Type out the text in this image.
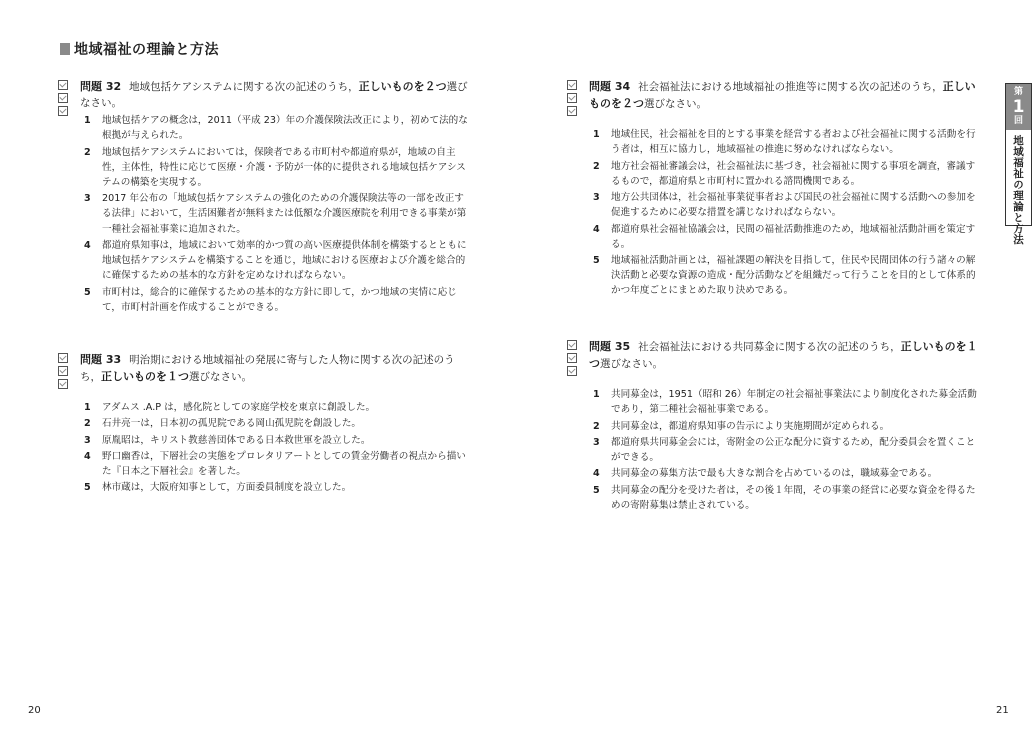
地域福祉の理論と方法
問題 32 地域包括ケアシステムに関する次の記述のうち，正しいものを２つ選びなさい。
1	地域包括ケアの概念は，2011（平成 23）年の介護保険法改正により，初めて法的な根拠が与えられた。
2	地域包括ケアシステムにおいては，保険者である市町村や都道府県が，地域の自主性，主体性，特性に応じて医療・介護・予防が一体的に提供される地域包括ケアシステムの構築を実現する。
3	2017 年公布の「地域包括ケアシステムの強化のための介護保険法等の一部を改正する法律」において，生活困難者が無料または低額な介護医療院を利用できる事業が第一種社会福祉事業に追加された。
4	都道府県知事は，地域において効率的かつ質の高い医療提供体制を構築するとともに地域包括ケアシステムを構築することを通じ，地域における医療および介護を総合的に確保するための基本的な方針を定めなければならない。
5	市町村は，総合的に確保するための基本的な方針に即して，かつ地域の実情に応じて，市町村計画を作成することができる。
問題 33 明治期における地域福祉の発展に寄与した人物に関する次の記述のうち，正しいものを１つ選びなさい。
1	アダムス .A.P は，感化院としての家庭学校を東京に創設した。
2	石井亮一は，日本初の孤児院である岡山孤児院を創設した。
3	原胤昭は，キリスト教慈善団体である日本救世軍を設立した。
4	野口幽香は，下層社会の実態をプロレタリアートとしての賃金労働者の視点から描いた『日本之下層社会』を著した。
5	林市蔵は，大阪府知事として，方面委員制度を設立した。
問題 34 社会福祉法における地域福祉の推進等に関する次の記述のうち，正しいものを２つ選びなさい。
1	地域住民，社会福祉を目的とする事業を経営する者および社会福祉に関する活動を行う者は，相互に協力し，地域福祉の推進に努めなければならない。
2	地方社会福祉審議会は，社会福祉法に基づき，社会福祉に関する事項を調査，審議するもので，都道府県と市町村に置かれる諮問機関である。
3	地方公共団体は，社会福祉事業従事者および国民の社会福祉に関する活動への参加を促進するために必要な措置を講じなければならない。
4	都道府県社会福祉協議会は，民間の福祉活動推進のため，地域福祉活動計画を策定する。
5	地域福祉活動計画とは，福祉課題の解決を目指して，住民や民間団体の行う諸々の解決活動と必要な資源の造成・配分活動などを組織だって行うことを目的として体系的かつ年度ごとにまとめた取り決めである。
問題 35 社会福祉法における共同募金に関する次の記述のうち，正しいものを１つ選びなさい。
1	共同募金は，1951（昭和 26）年制定の社会福祉事業法により制度化された募金活動であり，第二種社会福祉事業である。
2	共同募金は，都道府県知事の告示により実施期間が定められる。
3	都道府県共同募金会には，寄附金の公正な配分に資するため，配分委員会を置くことができる。
4	共同募金の募集方法で最も大きな割合を占めているのは，職域募金である。
5	共同募金の配分を受けた者は，その後１年間，その事業の経営に必要な資金を得るための寄附募集は禁止されている。
第
1
回
地域福祉の理論と方法
20	21
